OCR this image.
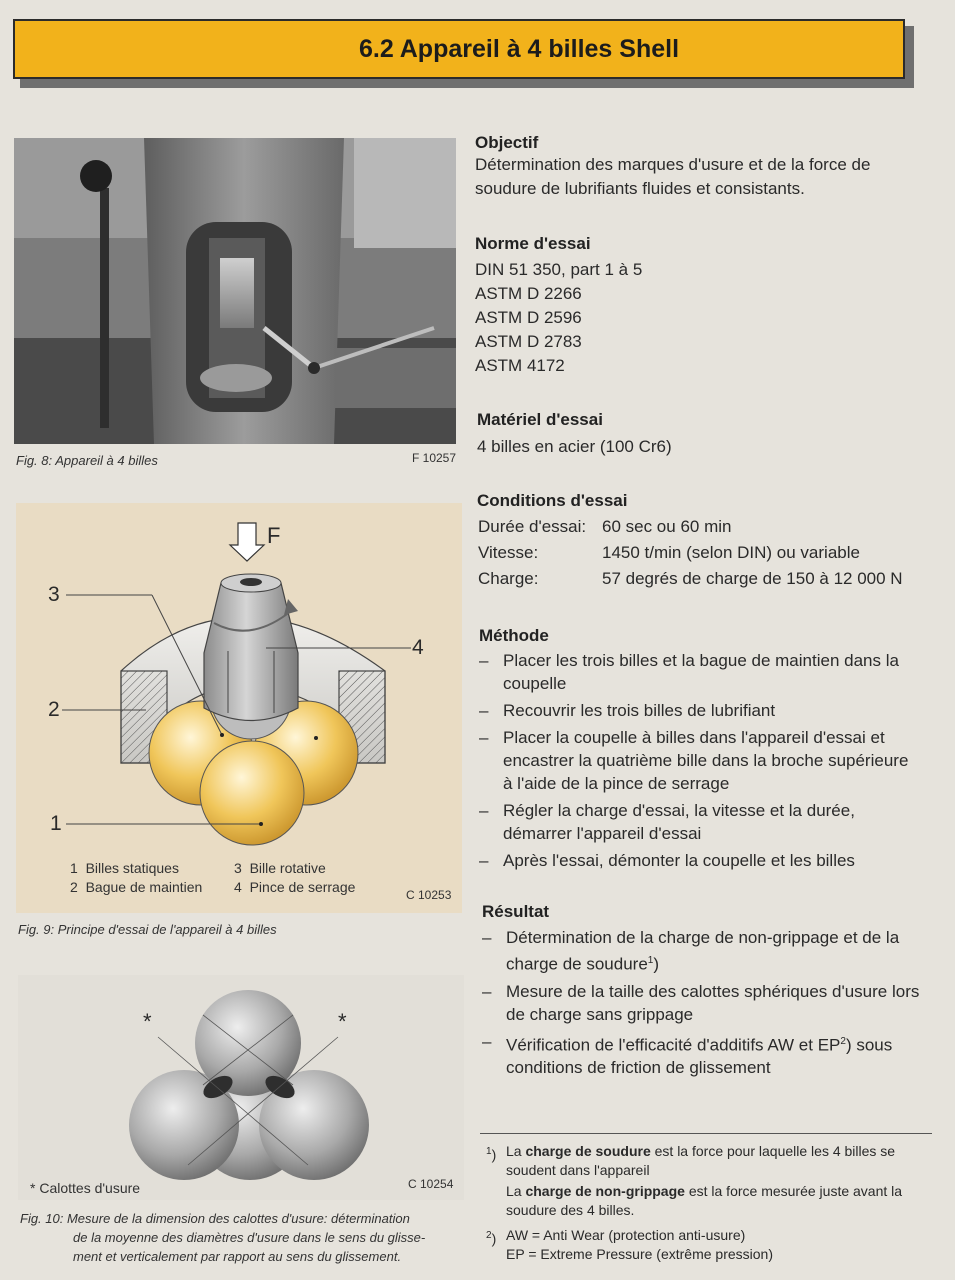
6.2 Appareil à 4 billes Shell
Fig. 8: Appareil à 4 billes	F 10257
F
3
2
1
4
1 Billes statiques
2 Bague de maintien
3 Bille rotative
4 Pince de serrage	C 10253
Fig. 9: Principe d'essai de l'appareil à 4 billes
*	*
* Calottes d'usure	C 10254
Fig. 10: Mesure de la dimension des calottes d'usure: détermination
de la moyenne des diamètres d'usure dans le sens du glisse-
ment et verticalement par rapport au sens du glissement.
Objectif
Détermination des marques d'usure et de la force de
soudure de lubrifiants fluides et consistants.
Norme d'essai
DIN 51 350, part 1 à 5
ASTM D 2266
ASTM D 2596
ASTM D 2783
ASTM 4172
Matériel d'essai
4 billes en acier (100 Cr6)
Conditions d'essai
Durée d'essai: 60 sec ou 60 min
Vitesse:	1450 t/min (selon DIN) ou variable
Charge:	57 degrés de charge de 150 à 12 000 N
Méthode
– Placer les trois billes et la bague de maintien dans la coupelle
– Recouvrir les trois billes de lubrifiant
– Placer la coupelle à billes dans l'appareil d'essai et encastrer la quatrième bille dans la broche supérieure à l'aide de la pince de serrage
– Régler la charge d'essai, la vitesse et la durée, démarrer l'appareil d'essai
– Après l'essai, démonter la coupelle et les billes
Résultat
– Détermination de la charge de non-grippage et de la charge de soudure$^1$)
– Mesure de la taille des calottes sphériques d'usure lors de charge sans grippage
– Vérification de l'efficacité d'additifs AW et $EP^2$) sous conditions de friction de glissement
$^1$) La charge de soudure est la force pour laquelle les 4 billes se soudent dans l'appareil
La charge de non-grippage est la force mesurée juste avant la soudure des 4 billes.
$^2$) AW = Anti Wear (protection anti-usure)
EP = Extreme Pressure (extrême pression)
